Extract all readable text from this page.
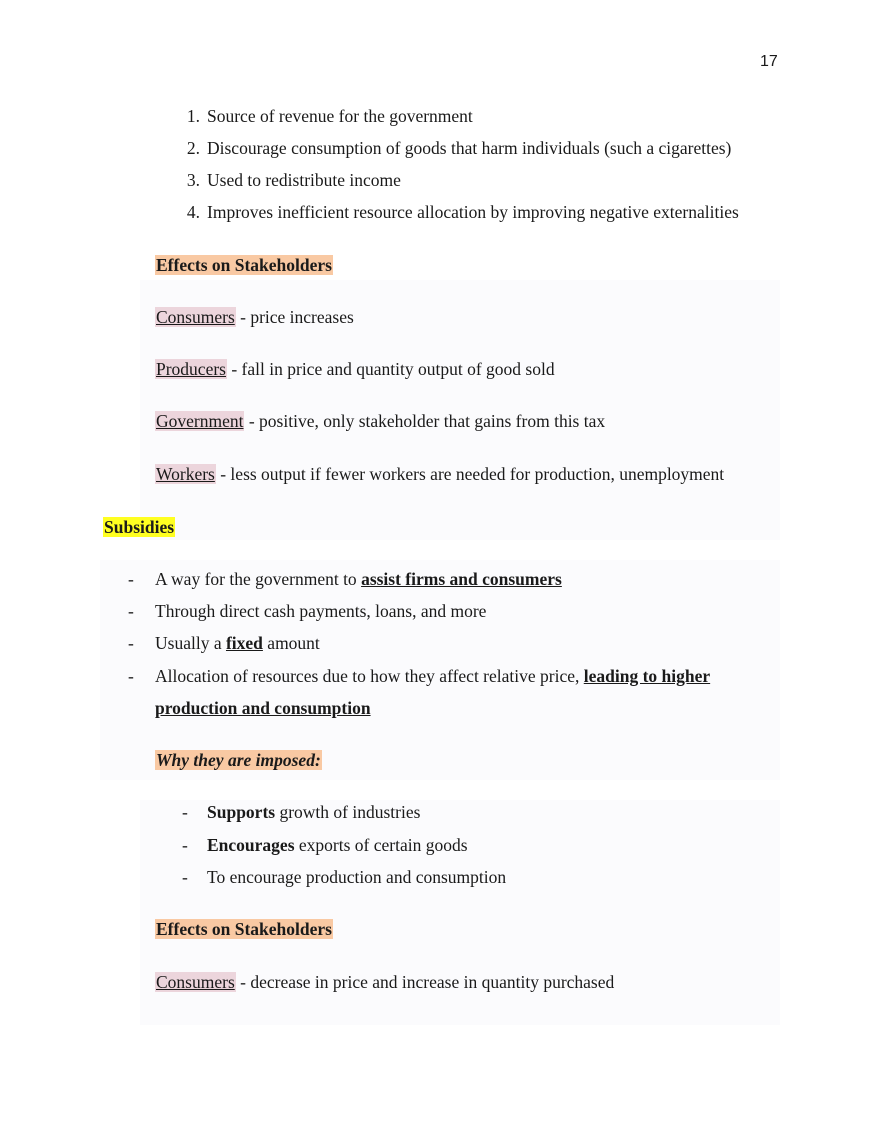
17
1. Source of revenue for the government
2. Discourage consumption of goods that harm individuals (such a cigarettes)
3. Used to redistribute income
4. Improves inefficient resource allocation by improving negative externalities
Effects on Stakeholders
Consumers - price increases
Producers - fall in price and quantity output of good sold
Government - positive, only stakeholder that gains from this tax
Workers - less output if fewer workers are needed for production, unemployment
Subsidies
-	A way for the government to assist firms and consumers
-	Through direct cash payments, loans, and more
-	Usually a fixed amount
-	Allocation of resources due to how they affect relative price, leading to higher
production and consumption
Why they are imposed:
-	Supports growth of industries
-	Encourages exports of certain goods
-	To encourage production and consumption
Effects on Stakeholders
Consumers - decrease in price and increase in quantity purchased
